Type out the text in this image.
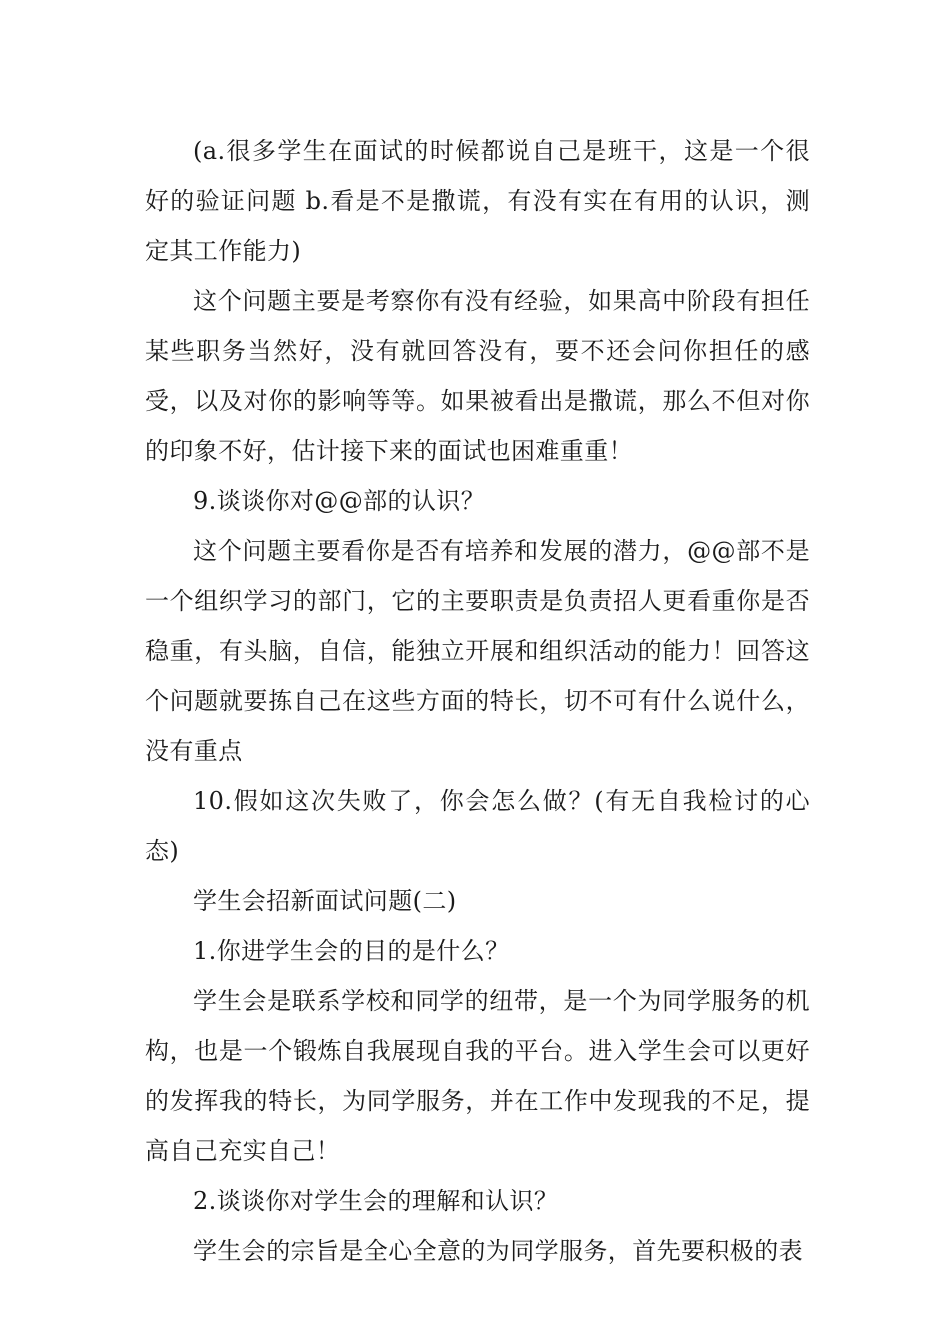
(a.很多学生在面试的时候都说自己是班干，这是一个很好的验证问题 b.看是不是撒谎，有没有实在有用的认识，测定其工作能力)

这个问题主要是考察你有没有经验，如果高中阶段有担任某些职务当然好，没有就回答没有，要不还会问你担任的感受，以及对你的影响等等。如果被看出是撒谎，那么不但对你的印象不好，估计接下来的面试也困难重重！

9.谈谈你对@@部的认识？

这个问题主要看你是否有培养和发展的潜力，@@部不是一个组织学习的部门，它的主要职责是负责招人更看重你是否稳重，有头脑，自信，能独立开展和组织活动的能力！回答这个问题就要拣自己在这些方面的特长，切不可有什么说什么，没有重点

10.假如这次失败了，你会怎么做？(有无自我检讨的心态)

学生会招新面试问题(二)

1.你进学生会的目的是什么？

学生会是联系学校和同学的纽带，是一个为同学服务的机构，也是一个锻炼自我展现自我的平台。进入学生会可以更好的发挥我的特长，为同学服务，并在工作中发现我的不足，提高自己充实自己！

2.谈谈你对学生会的理解和认识？

学生会的宗旨是全心全意的为同学服务，首先要积极的表
